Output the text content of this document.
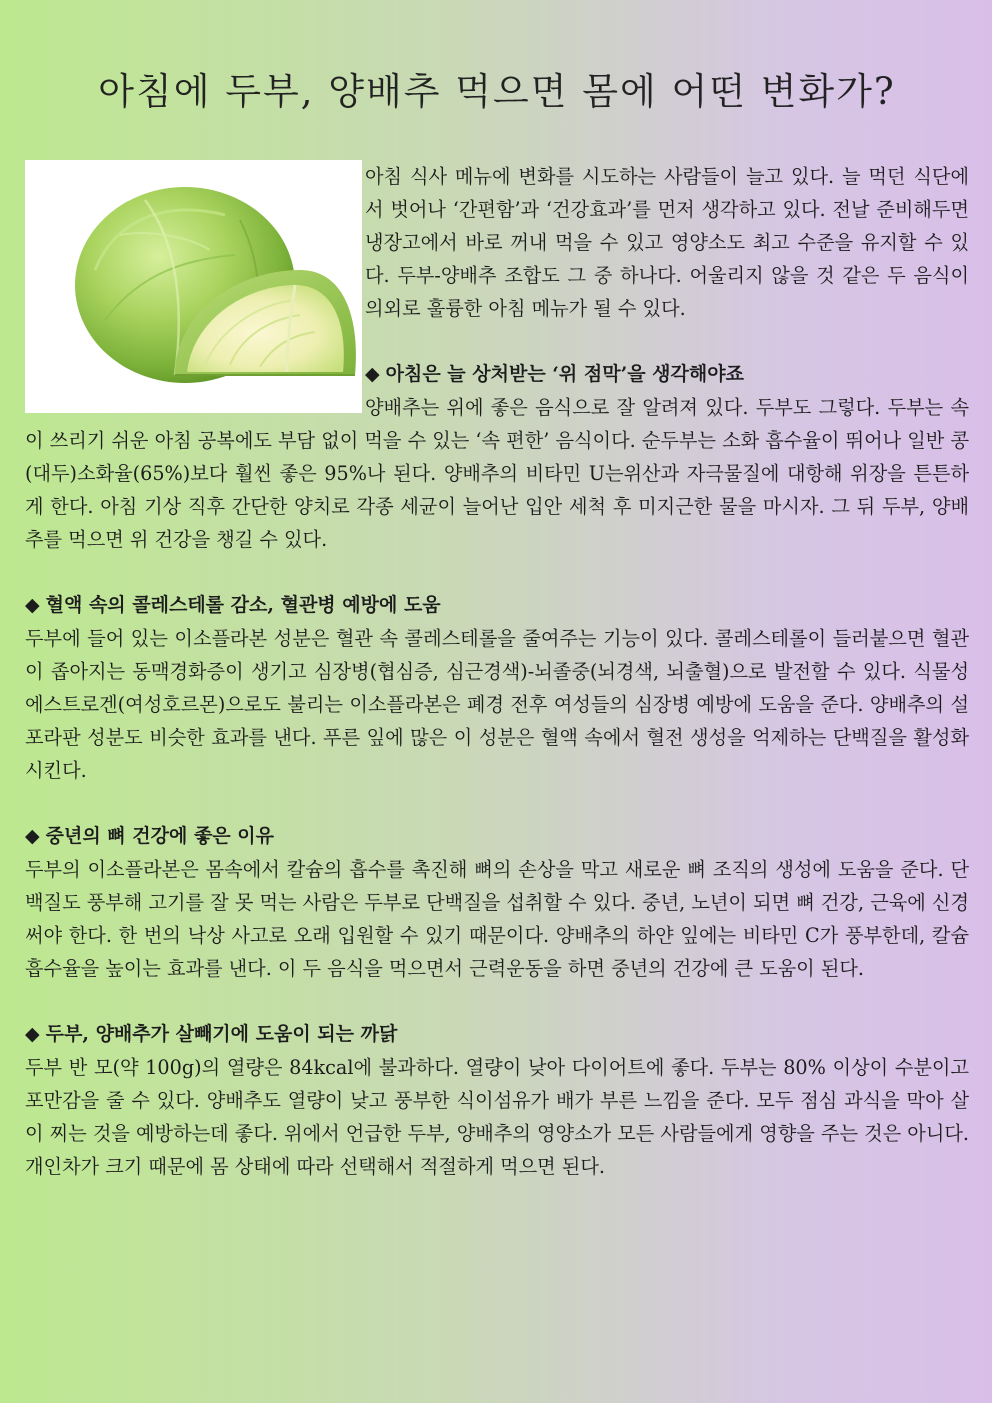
아침에 두부, 양배추 먹으면 몸에 어떤 변화가?

아침 식사 메뉴에 변화를 시도하는 사람들이 늘고 있다. 늘 먹던 식단에서 벗어나 ‘간편함’과 ‘건강효과’를 먼저 생각하고 있다. 전날 준비해두면 냉장고에서 바로 꺼내 먹을 수 있고 영양소도 최고 수준을 유지할 수 있다. 두부-양배추 조합도 그 중 하나다. 어울리지 않을 것 같은 두 음식이 의외로 훌륭한 아침 메뉴가 될 수 있다.

◆ 아침은 늘 상처받는 ‘위 점막’을 생각해야죠

양배추는 위에 좋은 음식으로 잘 알려져 있다. 두부도 그렇다. 두부는 속이 쓰리기 쉬운 아침 공복에도 부담 없이 먹을 수 있는 ‘속 편한’ 음식이다. 순두부는 소화 흡수율이 뛰어나 일반 콩(대두)소화율(65%)보다 훨씬 좋은 95%나 된다. 양배추의 비타민 U는위산과 자극물질에 대항해 위장을 튼튼하게 한다. 아침 기상 직후 간단한 양치로 각종 세균이 늘어난 입안 세척 후 미지근한 물을 마시자. 그 뒤 두부, 양배추를 먹으면 위 건강을 챙길 수 있다.

◆ 혈액 속의 콜레스테롤 감소, 혈관병 예방에 도움

두부에 들어 있는 이소플라본 성분은 혈관 속 콜레스테롤을 줄여주는 기능이 있다. 콜레스테롤이 들러붙으면 혈관이 좁아지는 동맥경화증이 생기고 심장병(협심증, 심근경색)-뇌졸중(뇌경색, 뇌출혈)으로 발전할 수 있다. 식물성 에스트로겐(여성호르몬)으로도 불리는 이소플라본은 폐경 전후 여성들의 심장병 예방에 도움을 준다. 양배추의 설포라판 성분도 비슷한 효과를 낸다. 푸른 잎에 많은 이 성분은 혈액 속에서 혈전 생성을 억제하는 단백질을 활성화시킨다.

◆ 중년의 뼈 건강에 좋은 이유

두부의 이소플라본은 몸속에서 칼슘의 흡수를 촉진해 뼈의 손상을 막고 새로운 뼈 조직의 생성에 도움을 준다. 단백질도 풍부해 고기를 잘 못 먹는 사람은 두부로 단백질을 섭취할 수 있다. 중년, 노년이 되면 뼈 건강, 근육에 신경 써야 한다. 한 번의 낙상 사고로 오래 입원할 수 있기 때문이다. 양배추의 하얀 잎에는 비타민 C가 풍부한데, 칼슘 흡수율을 높이는 효과를 낸다. 이 두 음식을 먹으면서 근력운동을 하면 중년의 건강에 큰 도움이 된다.

◆ 두부, 양배추가 살빼기에 도움이 되는 까닭

두부 반 모(약 100g)의 열량은 84kcal에 불과하다. 열량이 낮아 다이어트에 좋다. 두부는 80% 이상이 수분이고 포만감을 줄 수 있다. 양배추도 열량이 낮고 풍부한 식이섬유가 배가 부른 느낌을 준다. 모두 점심 과식을 막아 살이 찌는 것을 예방하는데 좋다. 위에서 언급한 두부, 양배추의 영양소가 모든 사람들에게 영향을 주는 것은 아니다. 개인차가 크기 때문에 몸 상태에 따라 선택해서 적절하게 먹으면 된다.
